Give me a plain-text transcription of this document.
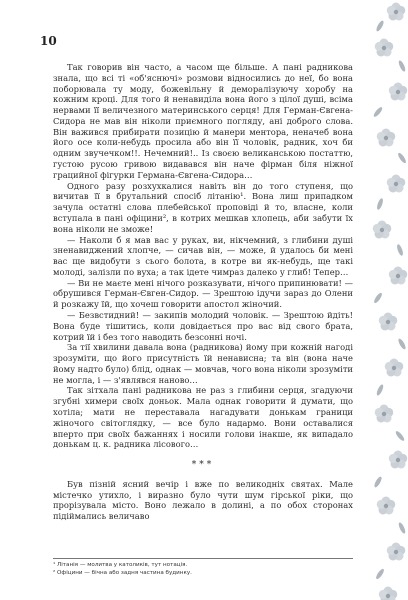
10

Так говорив він часто, а часом ще більше. А пані радникова знала, що всі ті «об'яснючі» розмови відносились до неї, бо вона поборювала ту моду, божевільну й деморалізуючу хоробу на кожним кроці. Для того й ненавиділа вона його з цілої душі, всіма нервами її величезного материнського серця! Для Герман-Євгена-Сидора не мав він ніколи приємного погляду, ані доброго слова. Він важився прибирати позицію й манери ментора, неначеб вона його осе коли-небудь просила або він її чоловік, радник, хоч би одним звучечком!!. Нечемний!.. Із своєю великанською постаттю, густою русою гривою видавався він наче фірман біля ніжної грацийної фігурки Германа-Євгена-Сидора…

Одного разу розхухкалися навіть він до того ступеня, що вичитав її в брутальний спосіб літанію¹. Вона лиш припадком зачула остатні слова плебейської проповіді й то, власне, коли вступала в пані офіцини², в котрих мешкав хлопець, аби забути їх вона ніколи не зможе!

— Наколи б я мав вас у руках, ви, нікчемний, з глибини душі зненавиджений хлопче, — сичав він, — може, й удалось би мені вас ще видобути з сього болота, в котре ви як-небудь, ще такі молоді, залізли по вуха; а так ідете чимраз далеко у глиб! Тепер…

— Ви не маєте мені нічого розказувати, нічого припинювати! — обрушився Герман-Євген-Сидор. — Зрештою ідучи зараз до Олени й розкажу їй, що хочеш говорити апостол жіночий.

— Безвстидний! — закипів молодий чоловік. — Зрештою йдіть! Вона буде тішитись, коли довідається про вас від свого брата, котрий їй і без того наводить безсонні ночі.

За тії хвилини давала вона (радникова) йому при кожній нагоді зрозуміти, що його присутність їй ненависна; та він (вона наче йому надто було) блід, однак — мовчав, чого вона ніколи зрозуміти не могла, і — з'являвся наново…

Так зітхала пані радникова не раз з глибини серця, згадуючи згубні химери своїх доньок. Мала однак говорити й думати, що хотіла; мати не переставала нагадувати донькам граници жіночого світоглядку, — все було надармо. Вони оставалися вперто при своїх бажаннях і носили голови інакше, як випадало донькам ц. к. радника лісового…

***

Був пізній ясний вечір і вже по великодніх святах. Мале містечко утихло, і виразно було чути шум гірської ріки, що прорізувала місто. Воно лежало в долині, а по обох сторонах підіймались величаво

¹ Літанія — молитва у католиків, тут нотація.
² Офіцини — бічна або задня частина будинку.
